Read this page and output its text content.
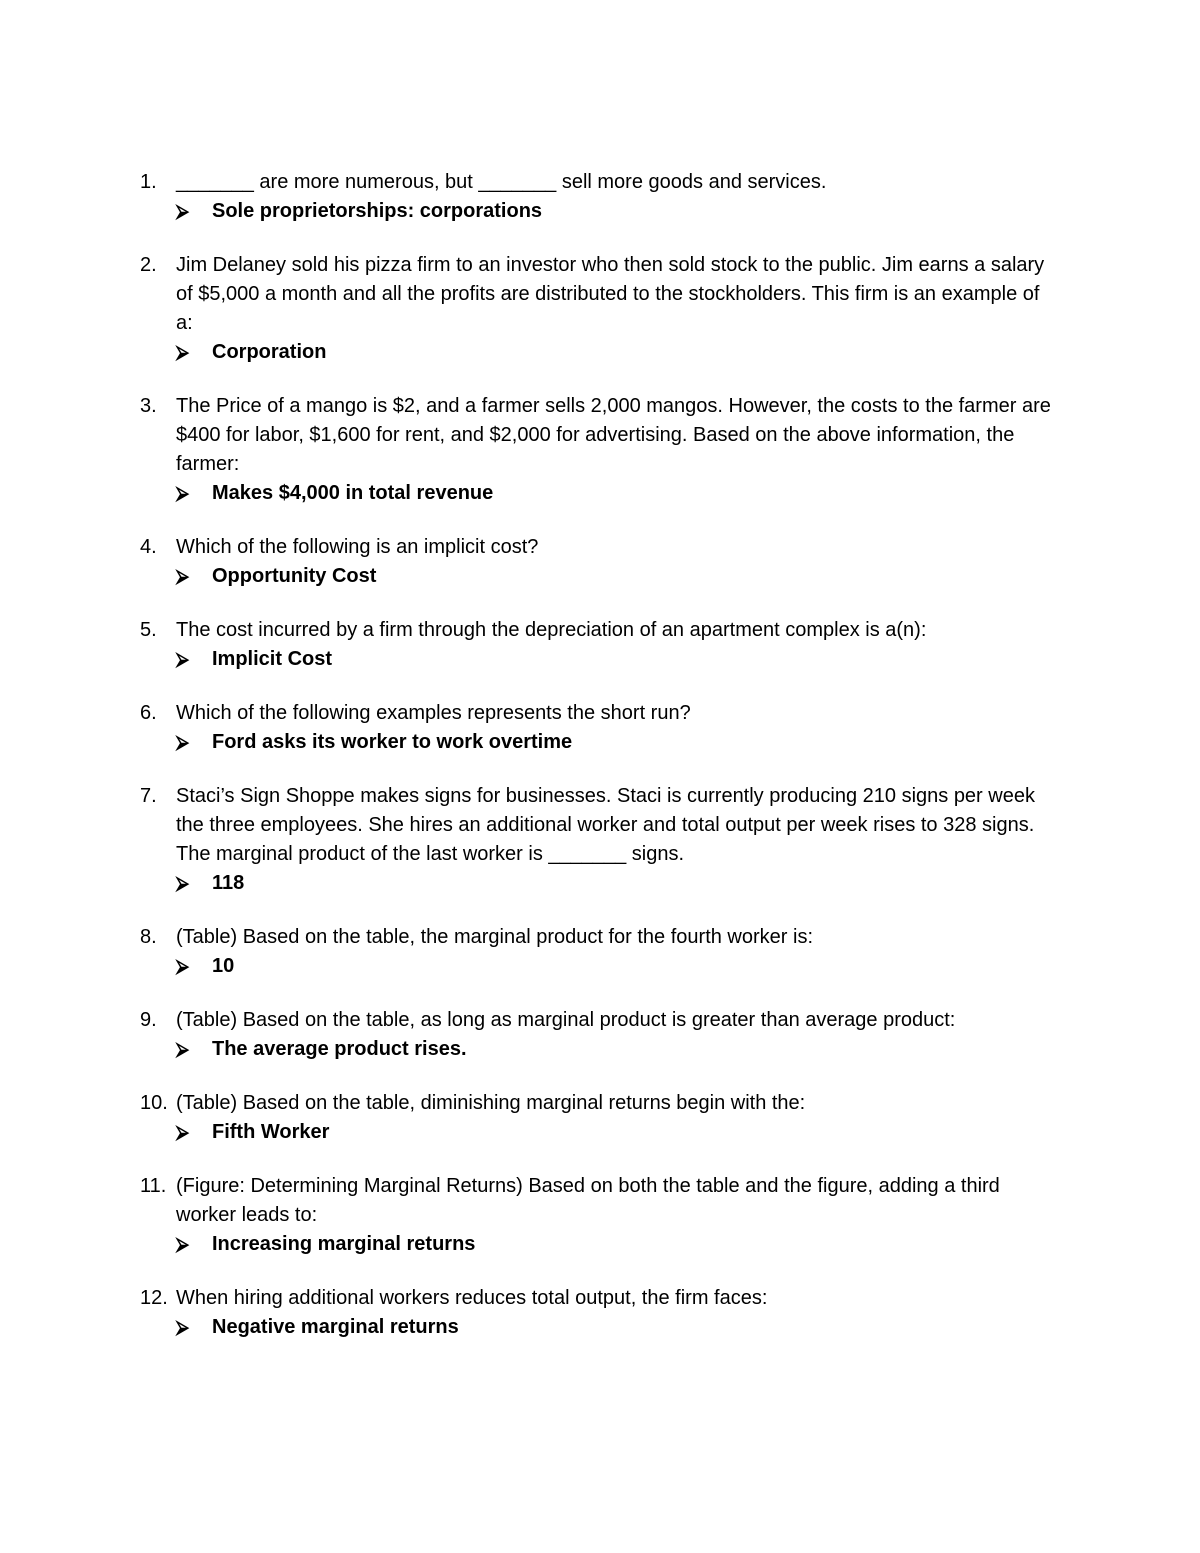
1. _______ are more numerous, but _______ sell more goods and services.
⮚ Sole proprietorships: corporations
2. Jim Delaney sold his pizza firm to an investor who then sold stock to the public. Jim earns a salary of $5,000 a month and all the profits are distributed to the stockholders. This firm is an example of a:
⮚ Corporation
3. The Price of a mango is $2, and a farmer sells 2,000 mangos. However, the costs to the farmer are $400 for labor, $1,600 for rent, and $2,000 for advertising. Based on the above information, the farmer:
⮚ Makes $4,000 in total revenue
4. Which of the following is an implicit cost?
⮚ Opportunity Cost
5. The cost incurred by a firm through the depreciation of an apartment complex is a(n):
⮚ Implicit Cost
6. Which of the following examples represents the short run?
⮚ Ford asks its worker to work overtime
7. Staci’s Sign Shoppe makes signs for businesses. Staci is currently producing 210 signs per week the three employees. She hires an additional worker and total output per week rises to 328 signs. The marginal product of the last worker is _______ signs.
⮚ 118
8. (Table) Based on the table, the marginal product for the fourth worker is:
⮚ 10
9. (Table) Based on the table, as long as marginal product is greater than average product:
⮚ The average product rises.
10. (Table) Based on the table, diminishing marginal returns begin with the:
⮚ Fifth Worker
11. (Figure: Determining Marginal Returns) Based on both the table and the figure, adding a third worker leads to:
⮚ Increasing marginal returns
12. When hiring additional workers reduces total output, the firm faces:
⮚ Negative marginal returns
